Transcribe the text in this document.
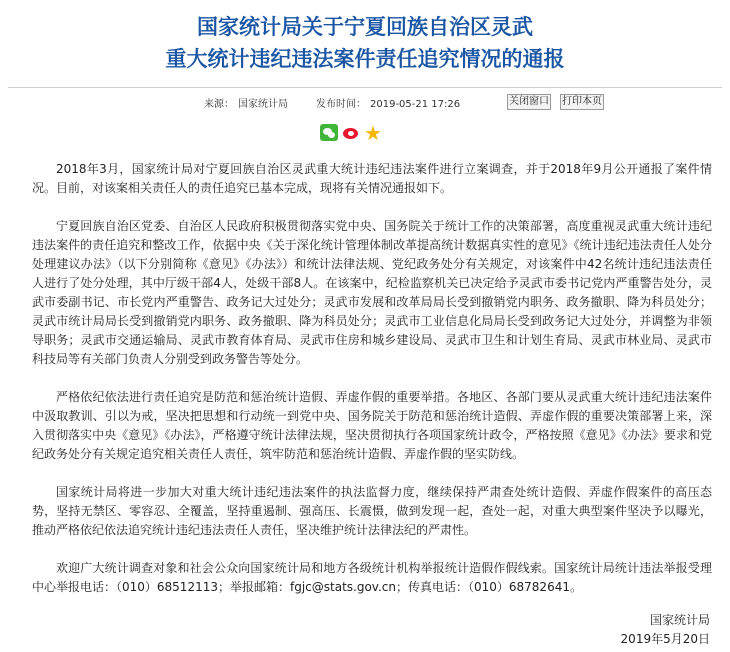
国家统计局关于宁夏回族自治区灵武
重大统计违纪违法案件责任追究情况的通报
来源： 国家统计局	发布时间： 2019-05-21 17:26	关闭窗口 打印本页
★

2018年3月，国家统计局对宁夏回族自治区灵武重大统计违纪违法案件进行立案调查，并于2018年9月公开通报了案件情况。目前，对该案相关责任人的责任追究已基本完成，现将有关情况通报如下。

宁夏回族自治区党委、自治区人民政府积极贯彻落实党中央、国务院关于统计工作的决策部署，高度重视灵武重大统计违纪违法案件的责任追究和整改工作，依据中央《关于深化统计管理体制改革提高统计数据真实性的意见》《统计违纪违法责任人处分处理建议办法》（以下分别简称《意见》《办法》）和统计法律法规、党纪政务处分有关规定，对该案件中42名统计违纪违法责任人进行了处分处理，其中厅级干部4人，处级干部8人。在该案中，纪检监察机关已决定给予灵武市委书记党内严重警告处分，灵武市委副书记、市长党内严重警告、政务记大过处分；灵武市发展和改革局局长受到撤销党内职务、政务撤职、降为科员处分；灵武市统计局局长受到撤销党内职务、政务撤职、降为科员处分；灵武市工业信息化局局长受到政务记大过处分，并调整为非领导职务；灵武市交通运输局、灵武市教育体育局、灵武市住房和城乡建设局、灵武市卫生和计划生育局、灵武市林业局、灵武市科技局等有关部门负责人分别受到政务警告等处分。

严格依纪依法进行责任追究是防范和惩治统计造假、弄虚作假的重要举措。各地区、各部门要从灵武重大统计违纪违法案件中汲取教训、引以为戒，坚决把思想和行动统一到党中央、国务院关于防范和惩治统计造假、弄虚作假的重要决策部署上来，深入贯彻落实中央《意见》《办法》，严格遵守统计法律法规，坚决贯彻执行各项国家统计政令，严格按照《意见》《办法》要求和党纪政务处分有关规定追究相关责任人责任，筑牢防范和惩治统计造假、弄虚作假的坚实防线。

国家统计局将进一步加大对重大统计违纪违法案件的执法监督力度，继续保持严肃查处统计造假、弄虚作假案件的高压态势，坚持无禁区、零容忍、全覆盖，坚持重遏制、强高压、长震慑，做到发现一起，查处一起，对重大典型案件坚决予以曝光，推动严格依纪依法追究统计违纪违法责任人责任，坚决维护统计法律法纪的严肃性。

欢迎广大统计调查对象和社会公众向国家统计局和地方各级统计机构举报统计造假作假线索。国家统计局统计违法举报受理中心举报电话：（010）68512113；举报邮箱：fgjc@stats.gov.cn；传真电话：（010）68782641。

国家统计局
2019年5月20日
